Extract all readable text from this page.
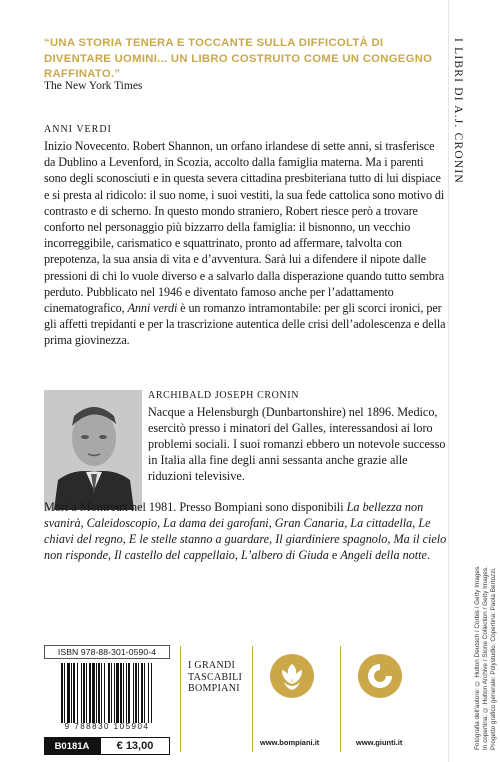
“UNA STORIA TENERA E TOCCANTE SULLA DIFFICOLTÀ DI DIVENTARE UOMINI... UN LIBRO COSTRUITO COME UN CONGEGNO RAFFINATO.”
The New York Times
ANNI VERDI

Inizio Novecento. Robert Shannon, un orfano irlandese di sette anni, si trasferisce da Dublino a Levenford, in Scozia, accolto dalla famiglia materna. Ma i parenti sono degli sconosciuti e in questa severa cittadina presbiteriana tutto di lui dispiace e si presta al ridicolo: il suo nome, i suoi vestiti, la sua fede cattolica sono motivo di contrasto e di scherno. In questo mondo straniero, Robert riesce però a trovare conforto nel personaggio più bizzarro della famiglia: il bisnonno, un vecchio incorreggibile, carismatico e squattrinato, pronto ad affermare, talvolta con prepotenza, la sua ansia di vita e d’avventura. Sarà lui a difendere il nipote dalle pressioni di chi lo vuole diverso e a salvarlo dalla disperazione quando tutto sembra perduto. Pubblicato nel 1946 e diventato famoso anche per l’adattamento cinematografico, Anni verdi è un romanzo intramontabile: per gli scorci ironici, per gli affetti trepidanti e per la trascrizione autentica delle crisi dell’adolescenza e della prima giovinezza.

ARCHIBALD JOSEPH CRONIN
Nacque a Helensburgh (Dunbartonshire) nel 1896. Medico, esercitò presso i minatori del Galles, interessandosi ai loro problemi sociali. I suoi romanzi ebbero un notevole successo in Italia alla fine degli anni sessanta anche grazie alle riduzioni televisive.
Morì a Montreux nel 1981. Presso Bompiani sono disponibili La bellezza non svanirà, Caleidoscopio, La dama dei garofani, Gran Canaria, La cittadella, Le chiavi del regno, E le stelle stanno a guardare, Il giardiniere spagnolo, Ma il cielo non risponde, Il castello del cappellaio, L’albero di Giuda e Angeli della notte.
I LIBRI DI A.J. CRONIN
Fotografia dell’autore: © Hulton Deutsch / Corbis / Getty Images. In copertina: © Hulton Archive / Stone Collection / Getty Images. Progetto grafico generale: Polystudio. Copertina: Paola Bertozzi.
ISBN 978-88-301-0590-4
9 788830 105904
B0181A	€ 13,00
I GRANDI TASCABILI BOMPIANI
www.bompiani.it	www.giunti.it
